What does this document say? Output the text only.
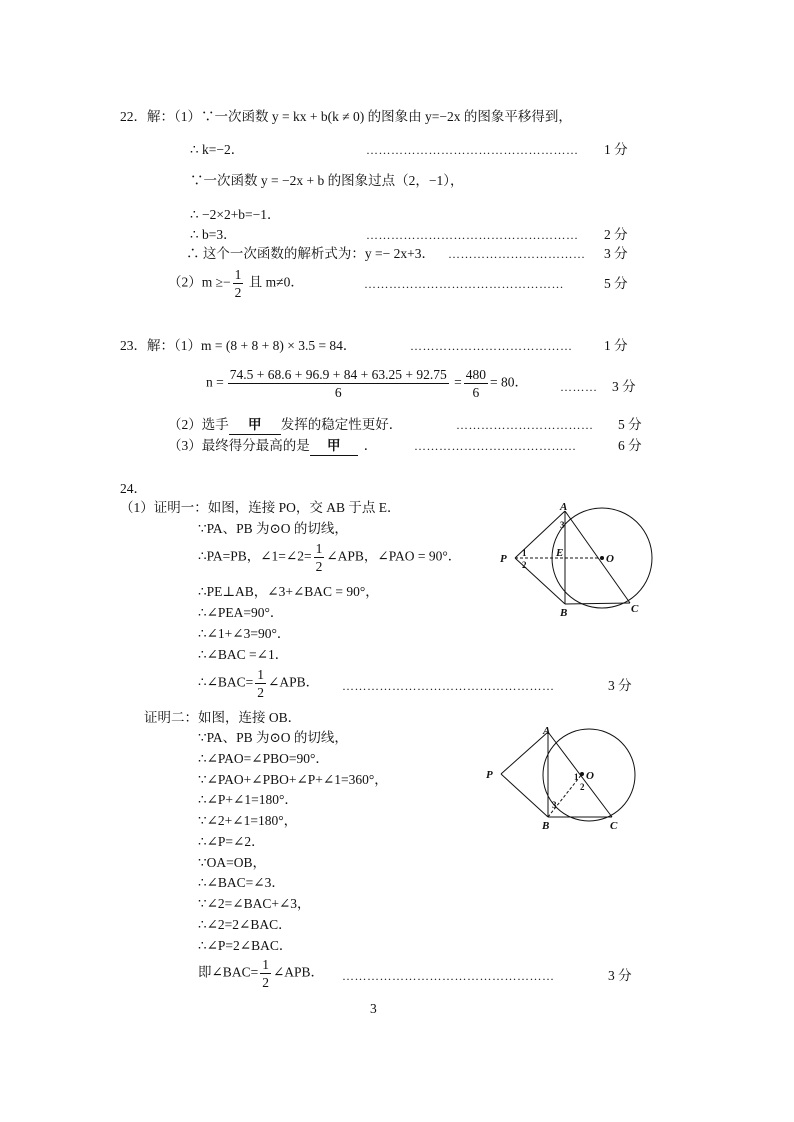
22．解：（1）∵一次函数 y = kx + b(k ≠ 0) 的图象由 y=−2x 的图象平移得到，
∴ k=−2．	…………………………………………… 1 分
∵一次函数 y = −2x + b 的图象过点（2，−1），
∴ −2×2+b=−1．
∴ b=3．	…………………………………………… 2 分
∴ 这个一次函数的解析式为：y =− 2x+3． …………………………… 3 分
$(2)m \ge- \frac{1}{2}$ 且 m≠0．	…………………………………………	5 分
23．解：（1）m = (8 + 8 + 8) × 3.5 = 84．	………………………………… 1 分
$n = \frac{74.5 + 68.6 + 96.9 + 84 + 63.25 + 92.75}{6} = \frac{480}{6} = 80$．	……… 3 分
（2）选手 甲 发挥的稳定性更好．	…………………………… 5 分
（3）最终得分最高的是 甲 ．	…………………………………	6 分
24．
（1）证明一：如图，连接 PO，交 AB 于点 E．
∵PA、PB 为⊙O 的切线，
∴PA=PB，∠1=∠2= $\frac{1}{2}$ ∠APB，∠PAO = 90°．
∴PE⊥AB，∠3+∠BAC = 90°，
∴∠PEA=90°．
∴∠1+∠3=90°．
∴∠BAC =∠1．
∴∠BAC= $\frac{1}{2}$ ∠APB． ……………………………………………	3 分
证明二：如图，连接 OB．
∵PA、PB 为⊙O 的切线，
∴∠PAO=∠PBO=90°．
∵∠PAO+∠PBO+∠P+∠1=360°，
∴∠P+∠1=180°．
∵∠2+∠1=180°，
∴∠P=∠2．
∵OA=OB，
∴∠BAC=∠3．
∵∠2=∠BAC+∠3，
∴∠2=2∠BAC．
∴∠P=2∠BAC．
即∠BAC= $\frac{1}{2}$ ∠APB． ……………………………………………	3 分
A
B	C
P	E	O
1
2
3
A
B	C
P	O
1
2
3
3
